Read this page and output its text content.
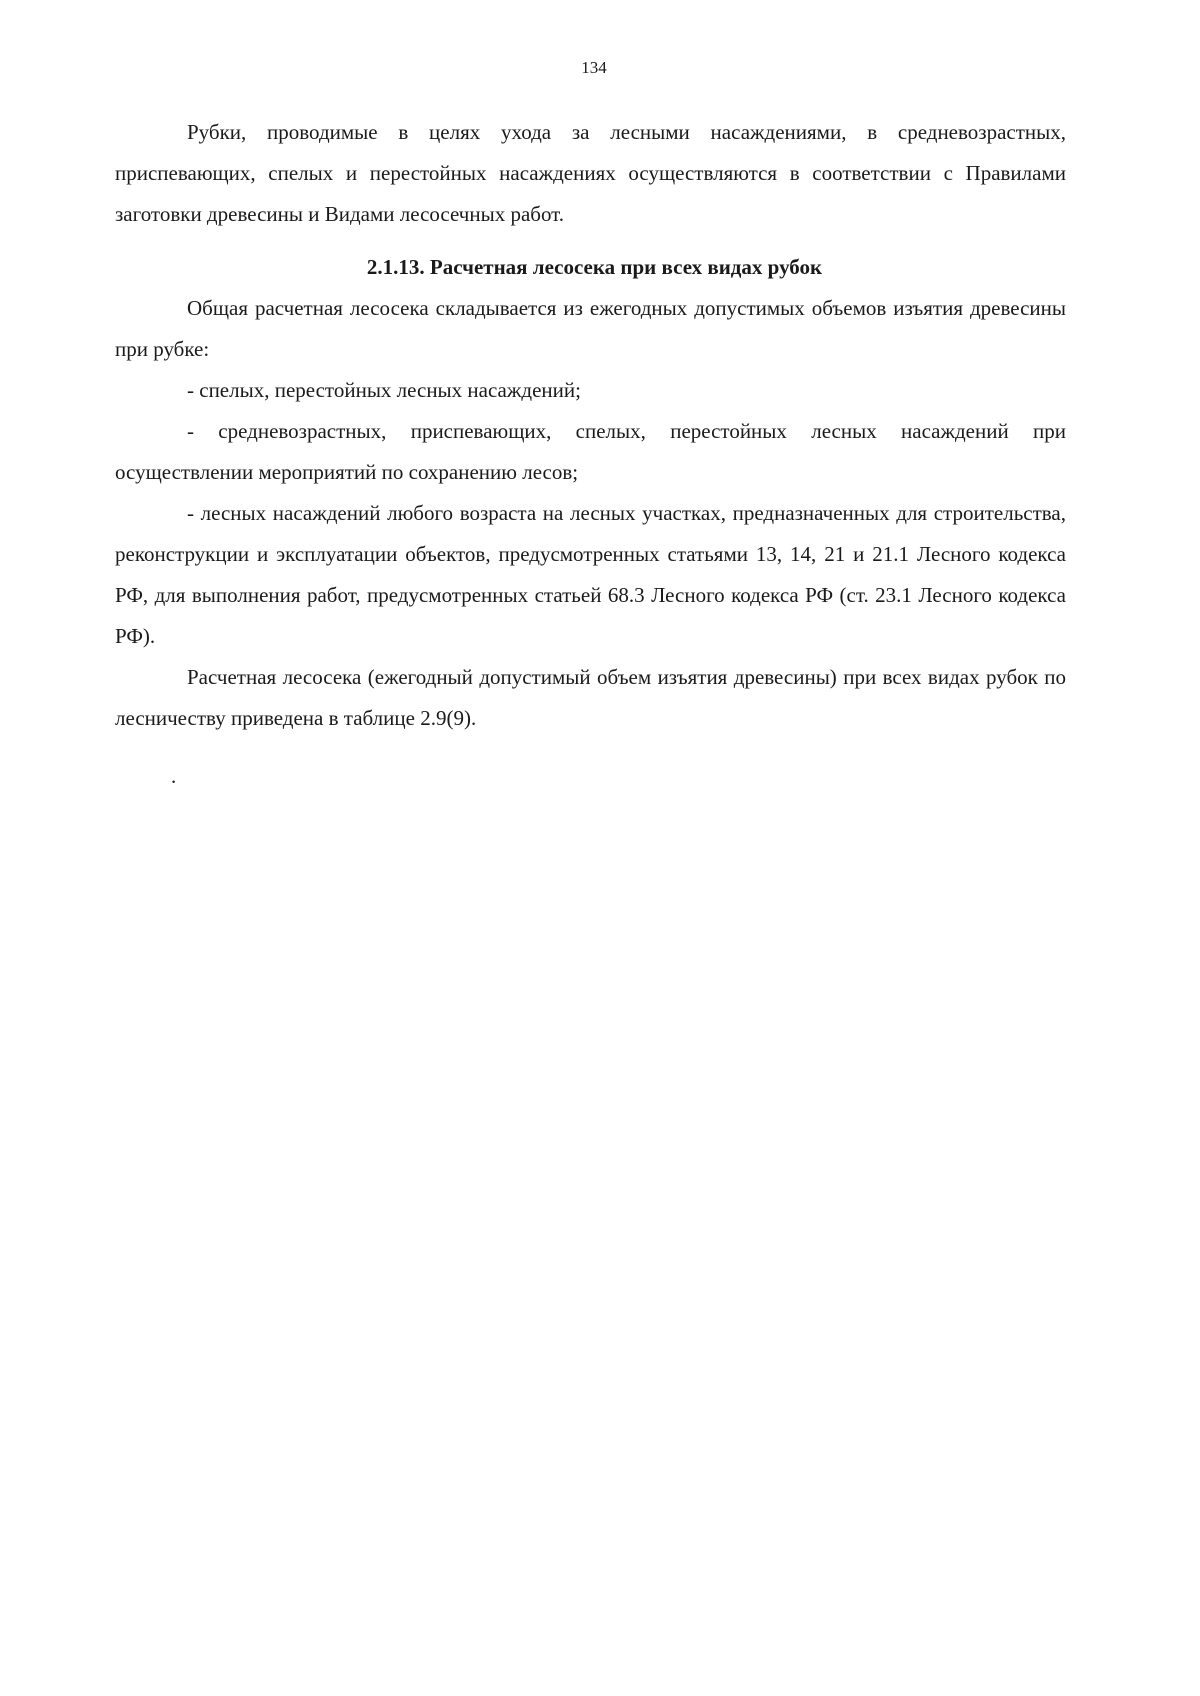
134

Рубки, проводимые в целях ухода за лесными насаждениями, в средневозрастных, приспевающих, спелых и перестойных насаждениях осуществляются в соответствии с Правилами заготовки древесины и Видами лесосечных работ.

2.1.13. Расчетная лесосека при всех видах рубок

Общая расчетная лесосека складывается из ежегодных допустимых объемов изъятия древесины при рубке:

- спелых, перестойных лесных насаждений;

- средневозрастных, приспевающих, спелых, перестойных лесных насаждений при осуществлении мероприятий по сохранению лесов;

- лесных насаждений любого возраста на лесных участках, предназначенных для строительства, реконструкции и эксплуатации объектов, предусмотренных статьями 13, 14, 21 и 21.1 Лесного кодекса РФ, для выполнения работ, предусмотренных статьей 68.3 Лесного кодекса РФ (ст. 23.1 Лесного кодекса РФ).

Расчетная лесосека (ежегодный допустимый объем изъятия древесины) при всех видах рубок по лесничеству приведена в таблице 2.9(9).

.
